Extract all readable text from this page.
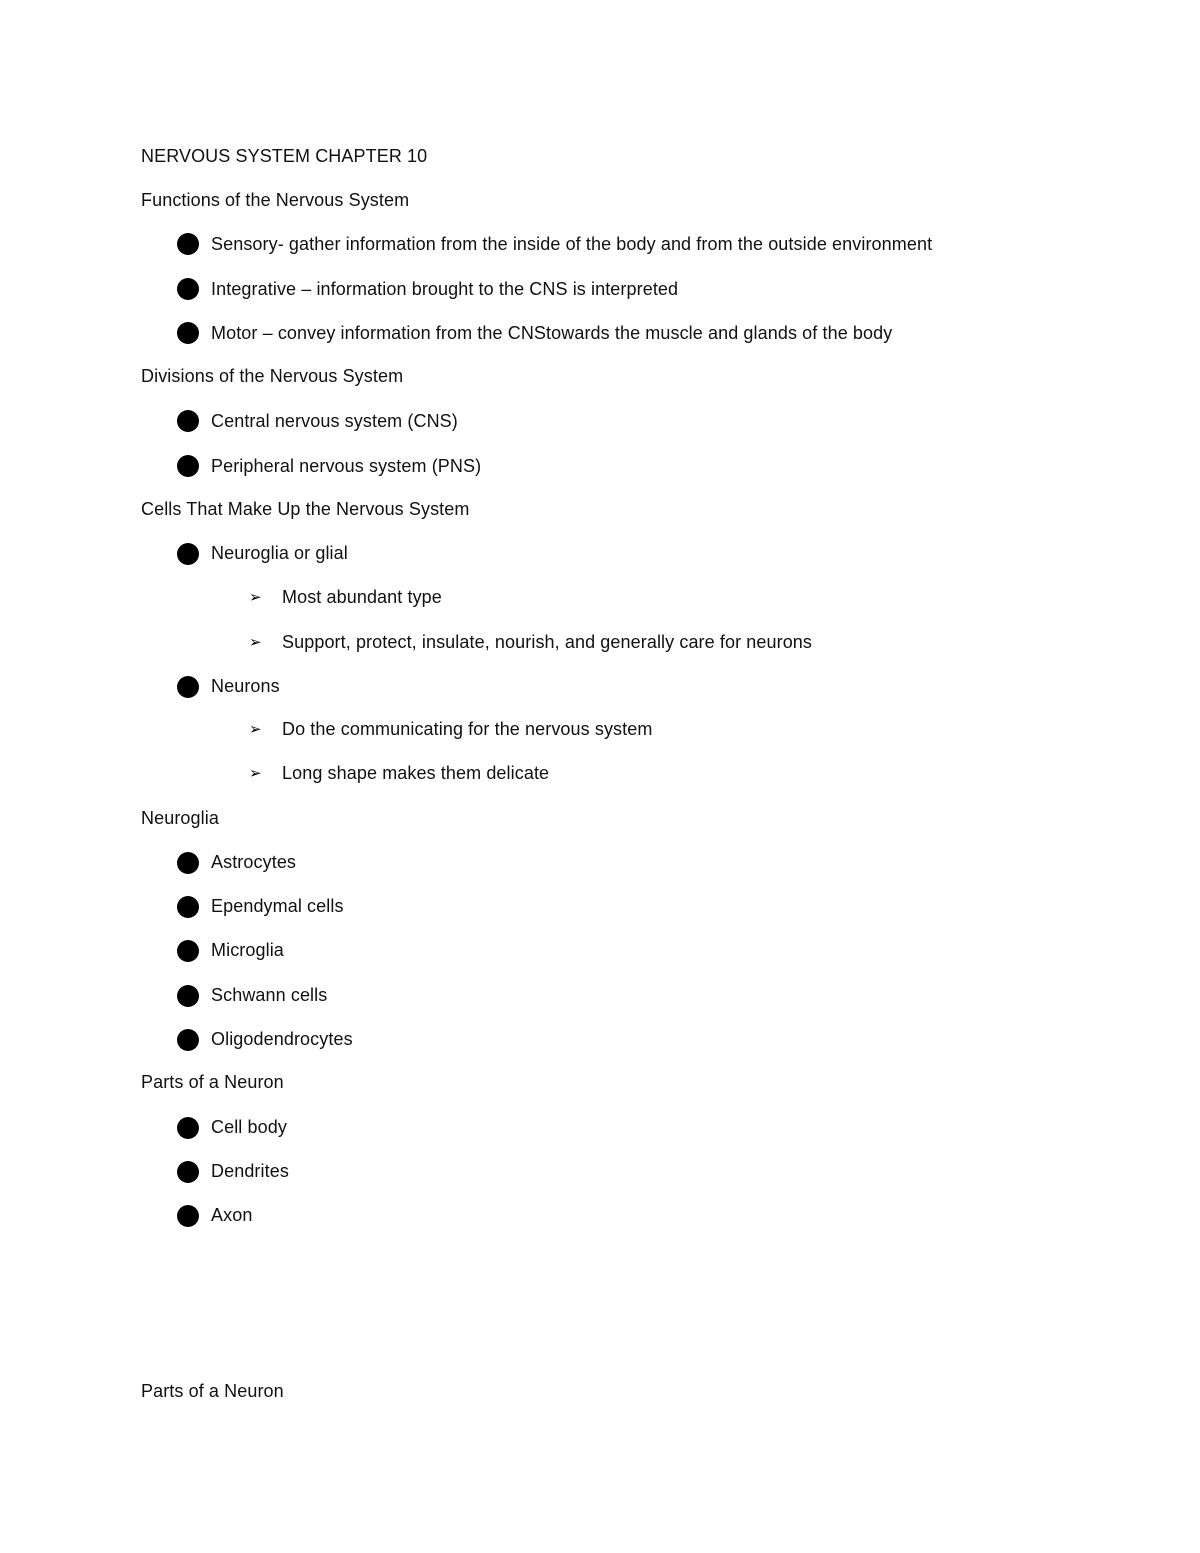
NERVOUS SYSTEM CHAPTER 10
Functions of the Nervous System
Sensory- gather information from the inside of the body and from the outside environment
Integrative – information brought to the CNS is interpreted
Motor – convey information from the CNStowards the muscle and glands of the body
Divisions of the Nervous System
Central nervous system (CNS)
Peripheral nervous system (PNS)
Cells That Make Up the Nervous System
Neuroglia or glial
➢ Most abundant type
➢ Support, protect, insulate, nourish, and generally care for neurons
Neurons
➢ Do the communicating for the nervous system
➢ Long shape makes them delicate
Neuroglia
Astrocytes
Ependymal cells
Microglia
Schwann cells
Oligodendrocytes
Parts of a Neuron
Cell body
Dendrites
Axon
Parts of a Neuron
